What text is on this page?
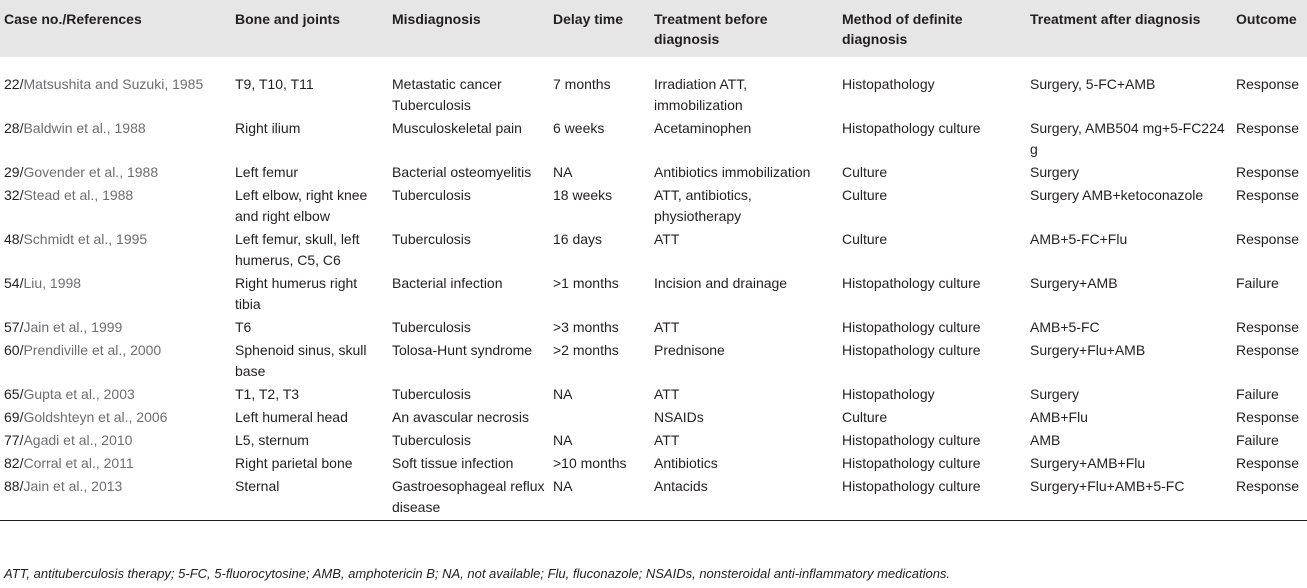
Case no./References	Bone and joints	Misdiagnosis	Delay time	Treatment before diagnosis	Method of definite diagnosis	Treatment after diagnosis	Outcome
22/Matsushita and Suzuki, 1985	T9, T10, T11	Metastatic cancer Tuberculosis	7 months	Irradiation ATT, immobilization	Histopathology	Surgery, 5-FC+AMB	Response
28/Baldwin et al., 1988	Right ilium	Musculoskeletal pain	6 weeks	Acetaminophen	Histopathology culture	Surgery, AMB504 mg+5-FC224 g	Response
29/Govender et al., 1988	Left femur	Bacterial osteomyelitis	NA	Antibiotics immobilization	Culture	Surgery	Response
32/Stead et al., 1988	Left elbow, right knee and right elbow	Tuberculosis	18 weeks	ATT, antibiotics, physiotherapy	Culture	Surgery AMB+ketoconazole	Response
48/Schmidt et al., 1995	Left femur, skull, left humerus, C5, C6	Tuberculosis	16 days	ATT	Culture	AMB+5-FC+Flu	Response
54/Liu, 1998	Right humerus right tibia	Bacterial infection	>1 months	Incision and drainage	Histopathology culture	Surgery+AMB	Failure
57/Jain et al., 1999	T6	Tuberculosis	>3 months	ATT	Histopathology culture	AMB+5-FC	Response
60/Prendiville et al., 2000	Sphenoid sinus, skull base	Tolosa-Hunt syndrome	>2 months	Prednisone	Histopathology culture	Surgery+Flu+AMB	Response
65/Gupta et al., 2003	T1, T2, T3	Tuberculosis	NA	ATT	Histopathology	Surgery	Failure
69/Goldshteyn et al., 2006	Left humeral head	An avascular necrosis		NSAIDs	Culture	AMB+Flu	Response
77/Agadi et al., 2010	L5, sternum	Tuberculosis	NA	ATT	Histopathology culture	AMB	Failure
82/Corral et al., 2011	Right parietal bone	Soft tissue infection	>10 months	Antibiotics	Histopathology culture	Surgery+AMB+Flu	Response
88/Jain et al., 2013	Sternal	Gastroesophageal reflux disease	NA	Antacids	Histopathology culture	Surgery+Flu+AMB+5-FC	Response
ATT, antituberculosis therapy; 5-FC, 5-fluorocytosine; AMB, amphotericin B; NA, not available; Flu, fluconazole; NSAIDs, nonsteroidal anti-inflammatory medications.
